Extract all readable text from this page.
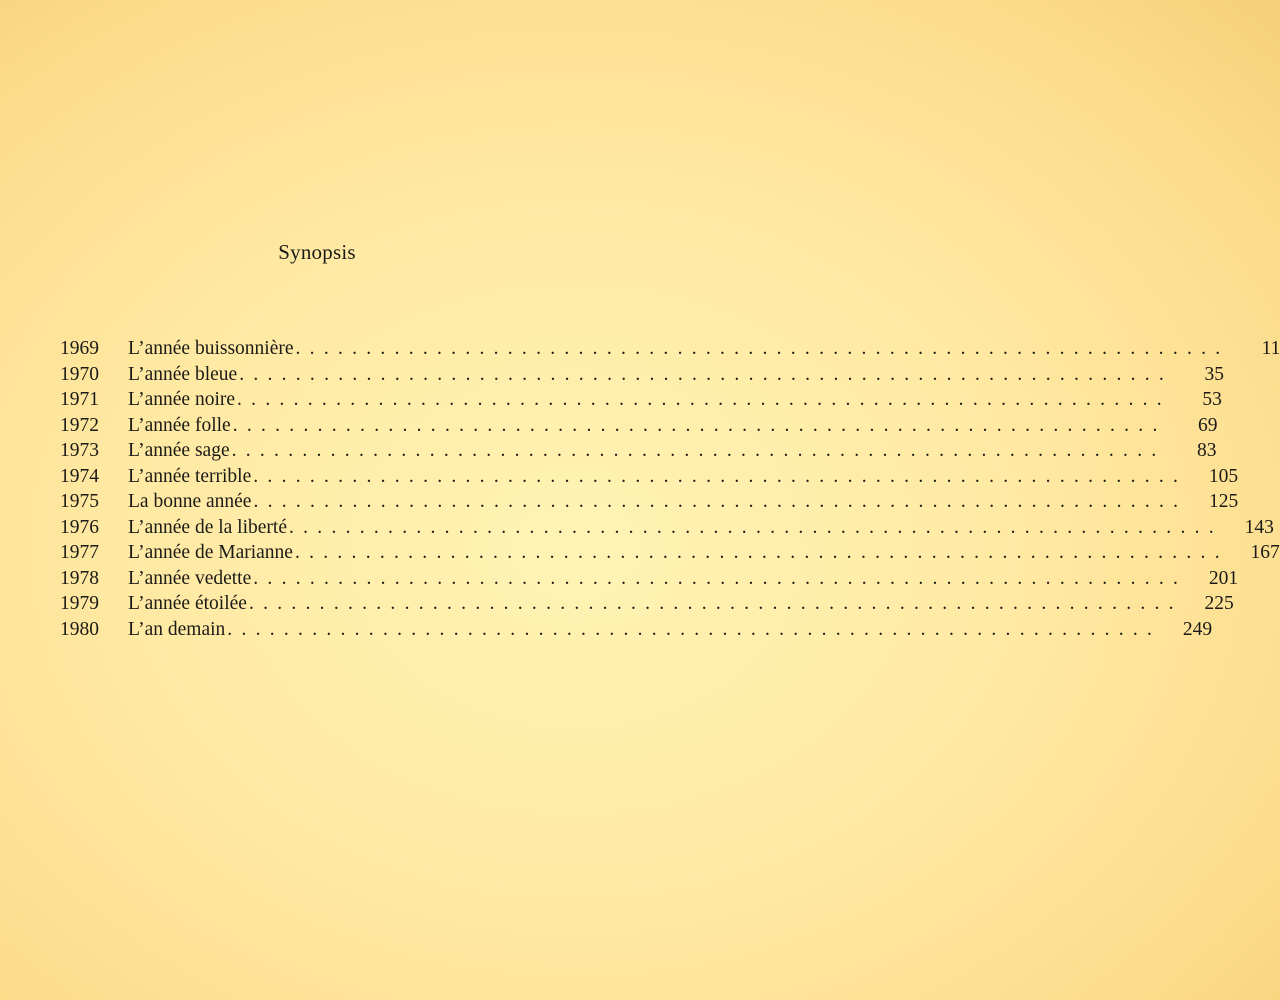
Synopsis
1969	L’année buissonnière . . . . . . . . . . . . . . . . . . . . . . . . . . . . . . . . . . . . . . . . . . . . . . . . . . . . . . . . . . . . . . . . . .	11
1970	L’année bleue . . . . . . . . . . . . . . . . . . . . . . . . . . . . . . . . . . . . . . . . . . . . . . . . . . . . . . . . . . . . . . . . . .	35
1971	L’année noire . . . . . . . . . . . . . . . . . . . . . . . . . . . . . . . . . . . . . . . . . . . . . . . . . . . . . . . . . . . . . . . . . .	53
1972	L’année folle . . . . . . . . . . . . . . . . . . . . . . . . . . . . . . . . . . . . . . . . . . . . . . . . . . . . . . . . . . . . . . . . . .	69
1973	L’année sage . . . . . . . . . . . . . . . . . . . . . . . . . . . . . . . . . . . . . . . . . . . . . . . . . . . . . . . . . . . . . . . . . .	83
1974	L’année terrible . . . . . . . . . . . . . . . . . . . . . . . . . . . . . . . . . . . . . . . . . . . . . . . . . . . . . . . . . . . . . . . . . .	105
1975	La bonne année . . . . . . . . . . . . . . . . . . . . . . . . . . . . . . . . . . . . . . . . . . . . . . . . . . . . . . . . . . . . . . . . . .	125
1976	L’année de la liberté . . . . . . . . . . . . . . . . . . . . . . . . . . . . . . . . . . . . . . . . . . . . . . . . . . . . . . . . . . . . . . . . . .	143
1977	L’année de Marianne . . . . . . . . . . . . . . . . . . . . . . . . . . . . . . . . . . . . . . . . . . . . . . . . . . . . . . . . . . . . . . . . . .	167
1978	L’année vedette . . . . . . . . . . . . . . . . . . . . . . . . . . . . . . . . . . . . . . . . . . . . . . . . . . . . . . . . . . . . . . . . . .	201
1979	L’année étoilée . . . . . . . . . . . . . . . . . . . . . . . . . . . . . . . . . . . . . . . . . . . . . . . . . . . . . . . . . . . . . . . . . .	225
1980	L’an demain . . . . . . . . . . . . . . . . . . . . . . . . . . . . . . . . . . . . . . . . . . . . . . . . . . . . . . . . . . . . . . . . . .	249
